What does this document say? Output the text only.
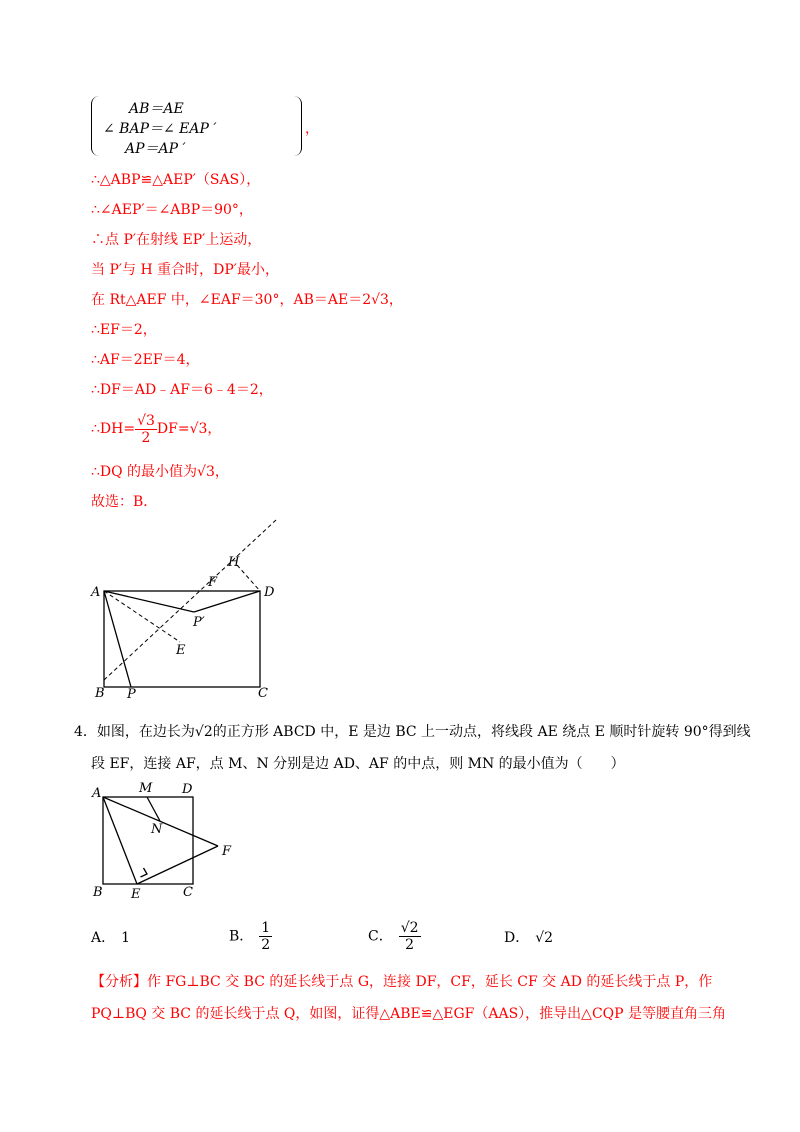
AB＝AE
∠ BAP＝∠ EAP ′
AP＝AP ′
，
∴△ABP≌△AEP′（SAS），
∴∠AEP′＝∠ABP＝90°，
∴点 P′在射线 EP′上运动，
当 P′与 H 重合时，DP′最小，
在 Rt△AEF 中，∠EAF＝30°，AB＝AE＝2√3，
∴EF＝2，
∴AF＝2EF＝4，
∴DF＝AD﹣AF＝6﹣4＝2，
∴DH= $\frac{√3}{2} DF=√3$，
∴DQ 的最小值为√3，
故选：B．
A
B	C
D
E
F
H
P
P′
4．如图，在边长为√2的正方形 ABCD 中，E 是边 BC 上一动点，将线段 AE 绕点 E 顺时针旋转 90°得到线
段 EF，连接 AF，点 M、N 分别是边 AD、AF 的中点，则 MN 的最小值为（　　）
A
B	C
D
E
F
M
N
A． 1	B． $\frac{1}{2}$	C． $\frac{√2}{2}$	D． √2
【分析】作 FG⊥BC 交 BC 的延长线于点 G，连接 DF，CF，延长 CF 交 AD 的延长线于点 P，作
PQ⊥BQ 交 BC 的延长线于点 Q，如图，证得△ABE≌△EGF（AAS），推导出△CQP 是等腰直角三角
